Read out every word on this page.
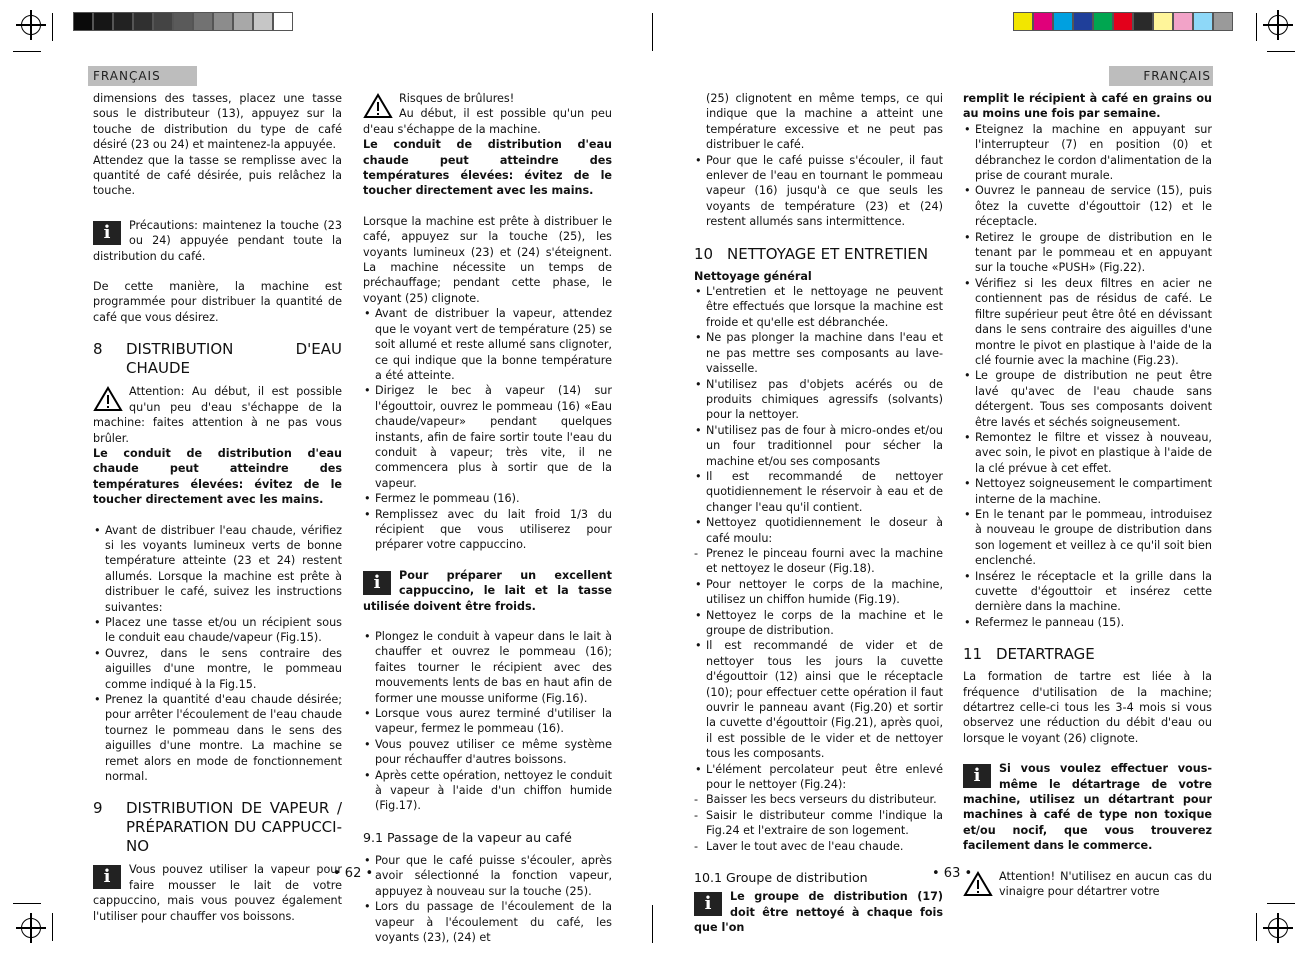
FRANÇAIS	FRANÇAIS

dimensions des tasses, placez une tasse sous le distributeur (13), appuyez sur la touche de distribution du type de café désiré (23 ou 24) et maintenez-la appuyée.

Attendez que la tasse se remplisse avec la quantité de café désirée, puis relâchez la touche.

i	Précautions: maintenez la touche (23 ou 24) appuyée pendant toute la distribution du café.

De cette manière, la machine est programmée pour distribuer la quantité de café que vous désirez.

8	DISTRIBUTION D'EAU CHAUDE
Attention: Au début, il est possible qu'un peu d'eau s'échappe de la machine: faites attention à ne pas vous brûler.

Le conduit de distribution d'eau chaude peut atteindre des températures élevées: évitez de le toucher directement avec les mains.

• Avant de distribuer l'eau chaude, vérifiez si les voyants lumineux verts de bonne température atteinte (23 et 24) restent allumés. Lorsque la machine est prête à distribuer le café, suivez les instructions suivantes:
• Placez une tasse et/ou un récipient sous le conduit eau chaude/vapeur (Fig.15).
• Ouvrez, dans le sens contraire des aiguilles d'une montre, le pommeau comme indiqué à la Fig.15.
• Prenez la quantité d'eau chaude désirée; pour arrêter l'écoulement de l'eau chaude tournez le pommeau dans le sens des aiguilles d'une montre. La machine se remet alors en mode de fonctionnement normal.
9	DISTRIBUTION DE VAPEUR / PRÉPARATION DU CAPPUCCI-NO
i	Vous pouvez utiliser la vapeur pour faire mousser le lait de votre cappuccino, mais vous pouvez également l'utiliser pour chauffer vos boissons.
• 62 •
Risques de brûlures!
Au début, il est possible qu'un peu d'eau s'échappe de la machine.

Le conduit de distribution d'eau chaude peut atteindre des températures élevées: évitez de le toucher directement avec les mains.

Lorsque la machine est prête à distribuer le café, appuyez sur la touche (25), les voyants lumineux (23) et (24) s'éteignent. La machine nécessite un temps de préchauffage; pendant cette phase, le voyant (25) clignote.

• Avant de distribuer la vapeur, attendez que le voyant vert de température (25) se soit allumé et reste allumé sans clignoter, ce qui indique que la bonne température a été atteinte.
• Dirigez le bec à vapeur (14) sur l'égouttoir, ouvrez le pommeau (16) «Eau chaude/vapeur» pendant quelques instants, afin de faire sortir toute l'eau du conduit à vapeur; très vite, il ne commencera plus à sortir que de la vapeur.
• Fermez le pommeau (16).
• Remplissez avec du lait froid 1/3 du récipient que vous utiliserez pour préparer votre cappuccino.
i	Pour préparer un excellent cappuccino, le lait et la tasse utilisée doivent être froids.
• Plongez le conduit à vapeur dans le lait à chauffer et ouvrez le pommeau (16); faites tourner le récipient avec des mouvements lents de bas en haut afin de former une mousse uniforme (Fig.16).
• Lorsque vous aurez terminé d'utiliser la vapeur, fermez le pommeau (16).
• Vous pouvez utiliser ce même système pour réchauffer d'autres boissons.
• Après cette opération, nettoyez le conduit à vapeur à l'aide d'un chiffon humide (Fig.17).
9.1 Passage de la vapeur au café
• Pour que le café puisse s'écouler, après avoir sélectionné la fonction vapeur, appuyez à nouveau sur la touche (25).
• Lors du passage de l'écoulement de la vapeur à l'écoulement du café, les voyants (23), (24) et

(25) clignotent en même temps, ce qui indique que la machine a atteint une température excessive et ne peut pas distribuer le café.

• Pour que le café puisse s'écouler, il faut enlever de l'eau en tournant le pommeau vapeur (16) jusqu'à ce que seuls les voyants de température (23) et (24) restent allumés sans intermittence.
10 NETTOYAGE ET ENTRETIEN

Nettoyage général

• L'entretien et le nettoyage ne peuvent être effectués que lorsque la machine est froide et qu'elle est débranchée.
• Ne pas plonger la machine dans l'eau et ne pas mettre ses composants au lave-vaisselle.
• N'utilisez pas d'objets acérés ou de produits chimiques agressifs (solvants) pour la nettoyer.
• N'utilisez pas de four à micro-ondes et/ou un four traditionnel pour sécher la machine et/ou ses composants
• Il est recommandé de nettoyer quotidiennement le réservoir à eau et de changer l'eau qu'il contient.
• Nettoyez quotidiennement le doseur à café moulu:
- Prenez le pinceau fourni avec la machine et nettoyez le doseur (Fig.18).
• Pour nettoyer le corps de la machine, utilisez un chiffon humide (Fig.19).
• Nettoyez le corps de la machine et le groupe de distribution.
• Il est recommandé de vider et de nettoyer tous les jours la cuvette d'égouttoir (12) ainsi que le réceptacle (10); pour effectuer cette opération il faut ouvrir le panneau avant (Fig.20) et sortir la cuvette d'égouttoir (Fig.21), après quoi, il est possible de le vider et de nettoyer tous les composants.
• L'élément percolateur peut être enlevé pour le nettoyer (Fig.24):
- Baisser les becs verseurs du distributeur.
- Saisir le distributeur comme l'indique la Fig.24 et l'extraire de son logement.
- Laver le tout avec de l'eau chaude.
10.1 Groupe de distribution
i	Le groupe de distribution (17) doit être nettoyé à chaque fois que l'on
• 63 •

remplit le récipient à café en grains ou au moins une fois par semaine.

• Eteignez la machine en appuyant sur l'interrupteur (7) en position (0) et débranchez le cordon d'alimentation de la prise de courant murale.
• Ouvrez le panneau de service (15), puis ôtez la cuvette d'égouttoir (12) et le réceptacle.
• Retirez le groupe de distribution en le tenant par le pommeau et en appuyant sur la touche «PUSH» (Fig.22).
• Vérifiez si les deux filtres en acier ne contiennent pas de résidus de café. Le filtre supérieur peut être ôté en dévissant dans le sens contraire des aiguilles d'une montre le pivot en plastique à l'aide de la clé fournie avec la machine (Fig.23).
• Le groupe de distribution ne peut être lavé qu'avec de l'eau chaude sans détergent. Tous ses composants doivent être lavés et séchés soigneusement.
• Remontez le filtre et vissez à nouveau, avec soin, le pivot en plastique à l'aide de la clé prévue à cet effet.
• Nettoyez soigneusement le compartiment interne de la machine.
• En le tenant par le pommeau, introduisez à nouveau le groupe de distribution dans son logement et veillez à ce qu'il soit bien enclenché.
• Insérez le réceptacle et la grille dans la cuvette d'égouttoir et insérez cette dernière dans la machine.
• Refermez le panneau (15).
11 DETARTRAGE

La formation de tartre est liée à la fréquence d'utilisation de la machine; détartrez celle-ci tous les 3-4 mois si vous observez une réduction du débit d'eau ou lorsque le voyant (26) clignote.

i	Si vous voulez effectuer vous-même le détartrage de votre machine, utilisez un détartrant pour machines à café de type non toxique et/ou nocif, que vous trouverez facilement dans le commerce.
Attention! N'utilisez en aucun cas du vinaigre pour détartrer votre
